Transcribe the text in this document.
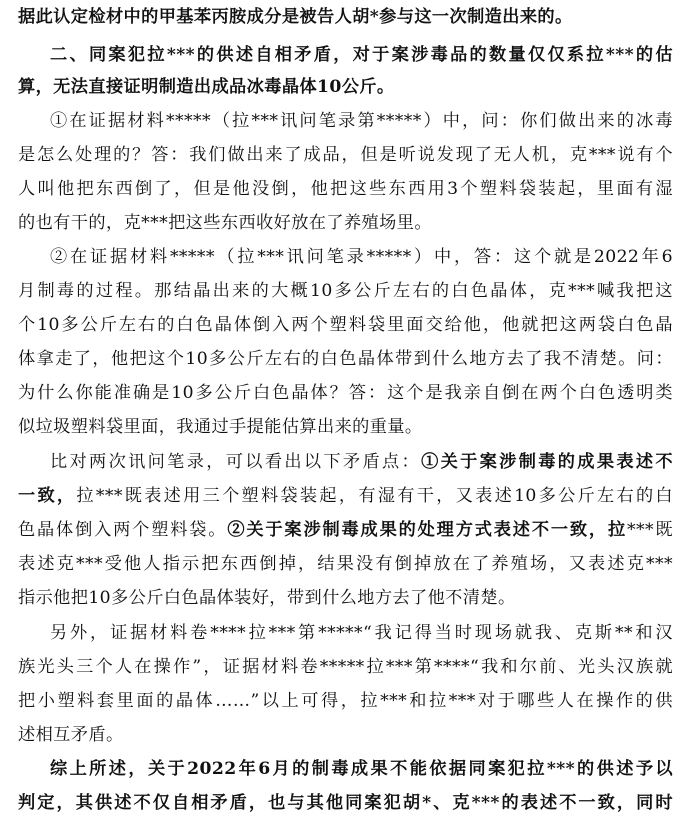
据此认定检材中的甲基苯丙胺成分是被告人胡*参与这一次制造出来的。
二、同案犯拉***的供述自相矛盾，对于案涉毒品的数量仅仅系拉***的估
算，无法直接证明制造出成品冰毒晶体10公斤。
①在证据材料*****（拉***讯问笔录第*****）中，问：你们做出来的冰毒
是怎么处理的？答：我们做出来了成品，但是听说发现了无人机，克***说有个
人叫他把东西倒了，但是他没倒，他把这些东西用3个塑料袋装起，里面有湿
的也有干的，克***把这些东西收好放在了养殖场里。
②在证据材料*****（拉***讯问笔录*****）中，答：这个就是2022年6
月制毒的过程。那结晶出来的大概10多公斤左右的白色晶体，克***喊我把这
个10多公斤左右的白色晶体倒入两个塑料袋里面交给他，他就把这两袋白色晶
体拿走了，他把这个10多公斤左右的白色晶体带到什么地方去了我不清楚。问：
为什么你能准确是10多公斤白色晶体？答：这个是我亲自倒在两个白色透明类
似垃圾塑料袋里面，我通过手提能估算出来的重量。
比对两次讯问笔录，可以看出以下矛盾点：①关于案涉制毒的成果表述不
一致，拉***既表述用三个塑料袋装起，有湿有干，又表述10多公斤左右的白
色晶体倒入两个塑料袋。②关于案涉制毒成果的处理方式表述不一致，拉***既
表述克***受他人指示把东西倒掉，结果没有倒掉放在了养殖场，又表述克***
指示他把10多公斤白色晶体装好，带到什么地方去了他不清楚。
另外，证据材料卷****拉***第*****“我记得当时现场就我、克斯**和汉
族光头三个人在操作”，证据材料卷*****拉***第****“我和尔前、光头汉族就
把小塑料套里面的晶体……”以上可得，拉***和拉***对于哪些人在操作的供
述相互矛盾。
综上所述，关于2022年6月的制毒成果不能依据同案犯拉***的供述予以
判定，其供述不仅自相矛盾，也与其他同案犯胡*、克***的表述不一致，同时
